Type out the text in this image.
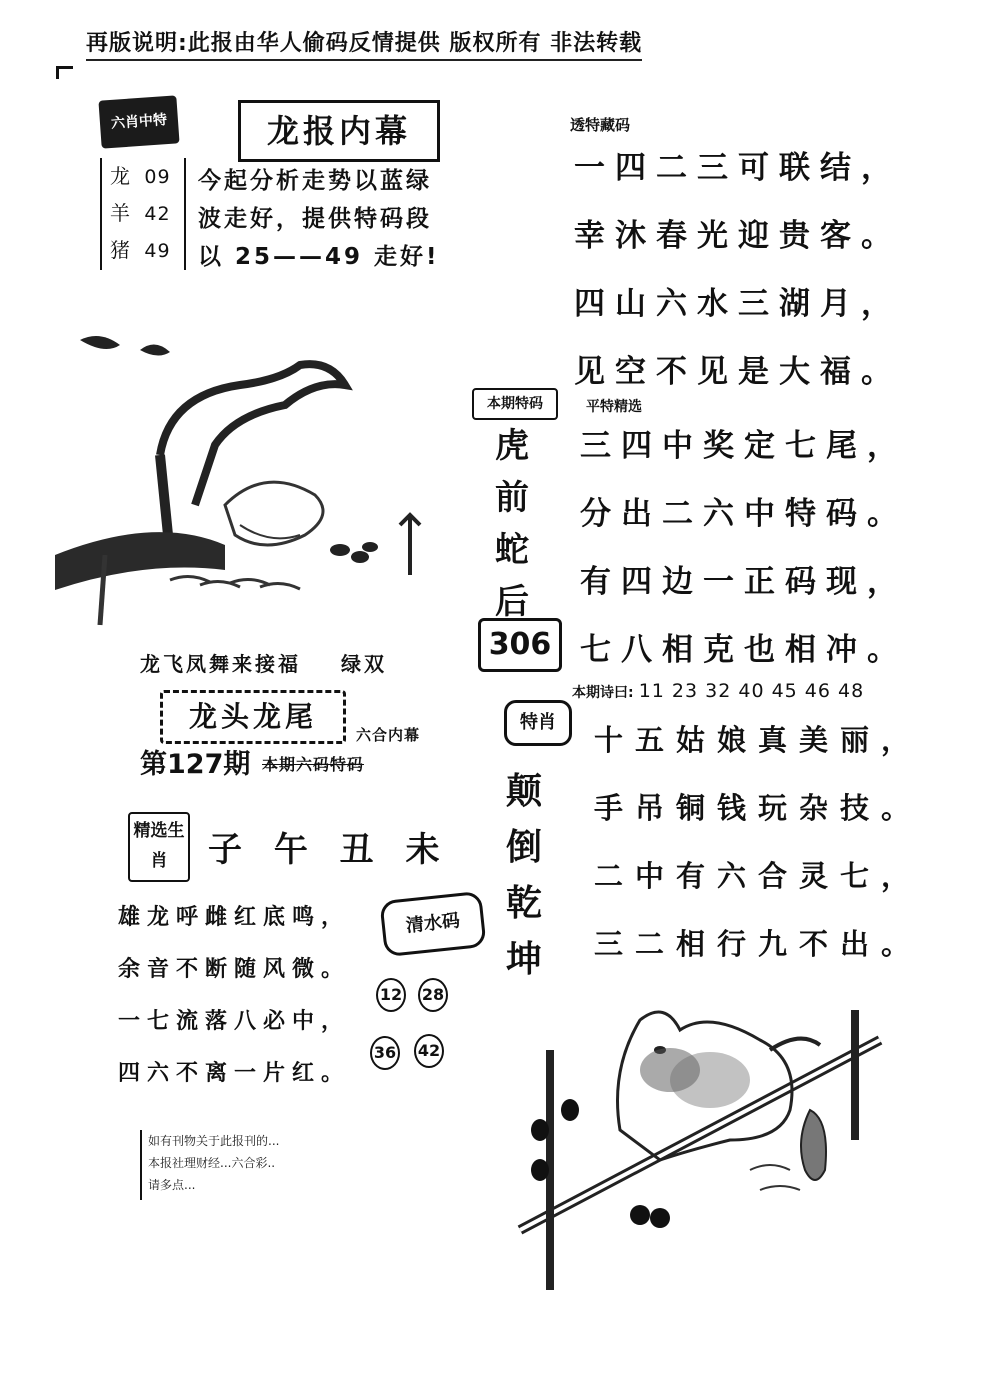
再版说明:此报由华人偷码反情提供 版权所有 非法转载
六肖中特	龙报内幕
龙 09
羊 42
猪 49
今起分析走势以蓝绿
波走好，提供特码段
以 25——49 走好!
龙飞凤舞来接福 绿双
龙头龙尾
六合内幕
第127期 本期六码特码
精选生肖	子 午 丑 未
雄龙呼雌红底鸣，
余音不断随风微。
一七流落八必中，
四六不离一片红。
清水码
12 28
36 42
如有刊物关于此报刊的...
本报社理财经...六合彩..
请多点...
本期特码
虎
前
蛇
后
306
特肖
颠
倒
乾
坤
透特藏码
一四二三可联结，
幸沐春光迎贵客。
四山六水三湖月，
见空不见是大福。
平特精选
三四中奖定七尾，
分出二六中特码。
有四边一正码现，
七八相克也相冲。
本期诗曰: 11 23 32 40 45 46 48
十五姑娘真美丽，
手吊铜钱玩杂技。
二中有六合灵七，
三二相行九不出。
